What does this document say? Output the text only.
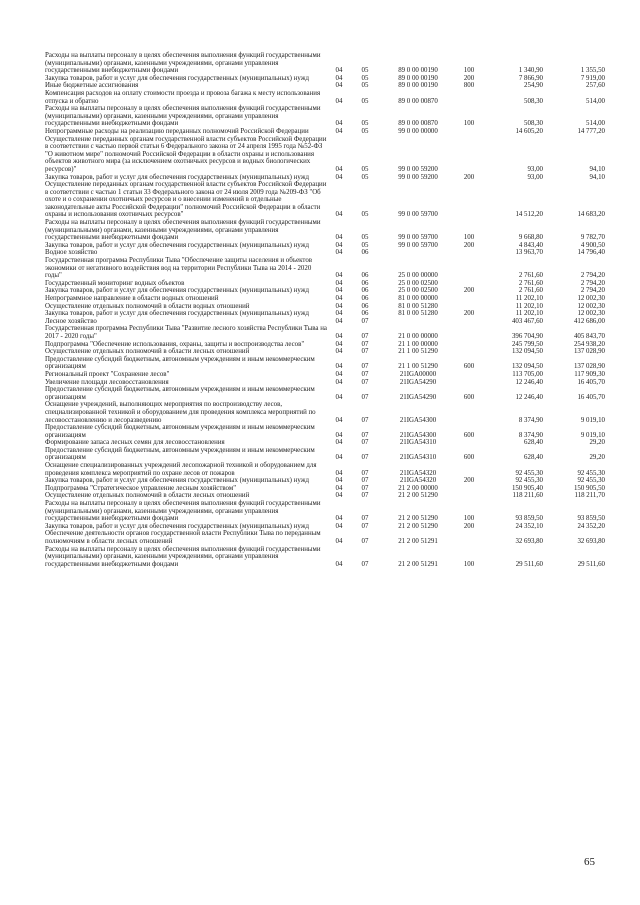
Расходы на выплаты персоналу в целях обеспечения выполнения функций государственными (муниципальными) органами, казенными учреждениями, органами управления государственными внебюджетными фондами	04	05	89 0 00 00190	100	1 340,90	1 355,50
Закупка товаров, работ и услуг для обеспечения государственных (муниципальных) нужд	04	05	89 0 00 00190	200	7 866,90	7 919,00
Иные бюджетные ассигнования	04	05	89 0 00 00190	800	254,90	257,60
Компенсация расходов на оплату стоимости проезда и провоза багажа к месту использования отпуска и обратно	04	05	89 0 00 00870	508,30	514,00
Расходы на выплаты персоналу в целях обеспечения выполнения функций государственными (муниципальными) органами, казенными учреждениями, органами управления государственными внебюджетными фондами	04	05	89 0 00 00870	100	508,30	514,00
Непрограммные расходы на реализацию переданных полномочий Российской Федерации	04	05	99 0 00 00000	14 605,20	14 777,20
Осуществление переданных органам государственной власти субъектов Российской Федерации в соответствии с частью первой статьи 6 Федерального закона от 24 апреля 1995 года №52-ФЗ "О животном мире" полномочий Российской Федерации в области охраны и использования объектов животного мира (за исключением охотничьих ресурсов и водных биологических ресурсов)"	04	05	99 0 00 59200	93,00	94,10
Закупка товаров, работ и услуг для обеспечения государственных (муниципальных) нужд	04	05	99 0 00 59200	200	93,00	94,10
Осуществление переданных органам государственной власти субъектов Российской Федерации в соответствии с частью 1 статьи 33 Федерального закона от 24 июля 2009 года №209-ФЗ "Об охоте и о сохранении охотничьих ресурсов и о внесении изменений в отдельные законодательные акты Российской Федерации" полномочий Российской Федерации в области охраны и использования охотничьих ресурсов"	04	05	99 0 00 59700	14 512,20	14 683,20
Расходы на выплаты персоналу в целях обеспечения выполнения функций государственными (муниципальными) органами, казенными учреждениями, органами управления государственными внебюджетными фондами	04	05	99 0 00 59700	100	9 668,80	9 782,70
Закупка товаров, работ и услуг для обеспечения государственных (муниципальных) нужд	04	05	99 0 00 59700	200	4 843,40	4 900,50
Водное хозяйство	04	06	13 963,70	14 796,40
Государственная программа Республики Тыва "Обеспечение защиты населения и объектов экономики от негативного воздействия вод на территории Республики Тыва на 2014 - 2020 годы"	04	06	25 0 00 00000	2 761,60	2 794,20
Государственный мониторинг водных объектов	04	06	25 0 00 02500	2 761,60	2 794,20
Закупка товаров, работ и услуг для обеспечения государственных (муниципальных) нужд	04	06	25 0 00 02500	200	2 761,60	2 794,20
Непрограммное направление в области водных отношений	04	06	81 0 00 00000	11 202,10	12 002,30
Осуществление отдельных полномочий в области водных отношений	04	06	81 0 00 51280	11 202,10	12 002,30
Закупка товаров, работ и услуг для обеспечения государственных (муниципальных) нужд	04	06	81 0 00 51280	200	11 202,10	12 002,30
Лесное хозяйство	04	07	403 467,60	412 686,00
Государственная программа Республики Тыва "Развитие лесного хозяйства Республики Тыва на 2017 - 2020 годы"	04	07	21 0 00 00000	396 704,90	405 843,70
Подпрограмма "Обеспечение использования, охраны, защиты и воспроизводства лесов"	04	07	21 1 00 00000	245 799,50	254 938,20
Осуществление отдельных полномочий в области лесных отношений	04	07	21 1 00 51290	132 094,50	137 028,90
Предоставление субсидий бюджетным, автономным учреждениям и иным некоммерческим организациям	04	07	21 1 00 51290	600	132 094,50	137 028,90
Региональный проект "Сохранение лесов"	04	07	21IGA00000	113 705,00	117 909,30
Увеличение площади лесовосстановления	04	07	21IGA54290	12 246,40	16 405,70
Предоставление субсидий бюджетным, автономным учреждениям и иным некоммерческим организациям	04	07	21IGA54290	600	12 246,40	16 405,70
Оснащение учреждений, выполняющих мероприятия по воспроизводству лесов, специализированной техникой и оборудованием для проведения комплекса мероприятий по лесовосстановлению и лесоразведению	04	07	21IGA54300	8 374,90	9 019,10
Предоставление субсидий бюджетным, автономным учреждениям и иным некоммерческим организациям	04	07	21IGA54300	600	8 374,90	9 019,10
Формирование запаса лесных семян для лесовосстановления	04	07	21IGA54310	628,40	29,20
Предоставление субсидий бюджетным, автономным учреждениям и иным некоммерческим организациям	04	07	21IGA54310	600	628,40	29,20
Оснащение специализированных учреждений лесопожарной техникой и оборудованием для проведения комплекса мероприятий по охране лесов от пожаров	04	07	21IGA54320	92 455,30	92 455,30
Закупка товаров, работ и услуг для обеспечения государственных (муниципальных) нужд	04	07	21IGA54320	200	92 455,30	92 455,30
Подпрограмма "Стратегическое управление лесным хозяйством"	04	07	21 2 00 00000	150 905,40	150 905,50
Осуществление отдельных полномочий в области лесных отношений	04	07	21 2 00 51290	118 211,60	118 211,70
Расходы на выплаты персоналу в целях обеспечения выполнения функций государственными (муниципальными) органами, казенными учреждениями, органами управления государственными внебюджетными фондами	04	07	21 2 00 51290	100	93 859,50	93 859,50
Закупка товаров, работ и услуг для обеспечения государственных (муниципальных) нужд	04	07	21 2 00 51290	200	24 352,10	24 352,20
Обеспечение деятельности органов государственной власти Республики Тыва по переданным полномочиям в области лесных отношений	04	07	21 2 00 51291	32 693,80	32 693,80
Расходы на выплаты персоналу в целях обеспечения выполнения функций государственными (муниципальными) органами, казенными учреждениями, органами управления государственными внебюджетными фондами	04	07	21 2 00 51291	100	29 511,60	29 511,60
65
